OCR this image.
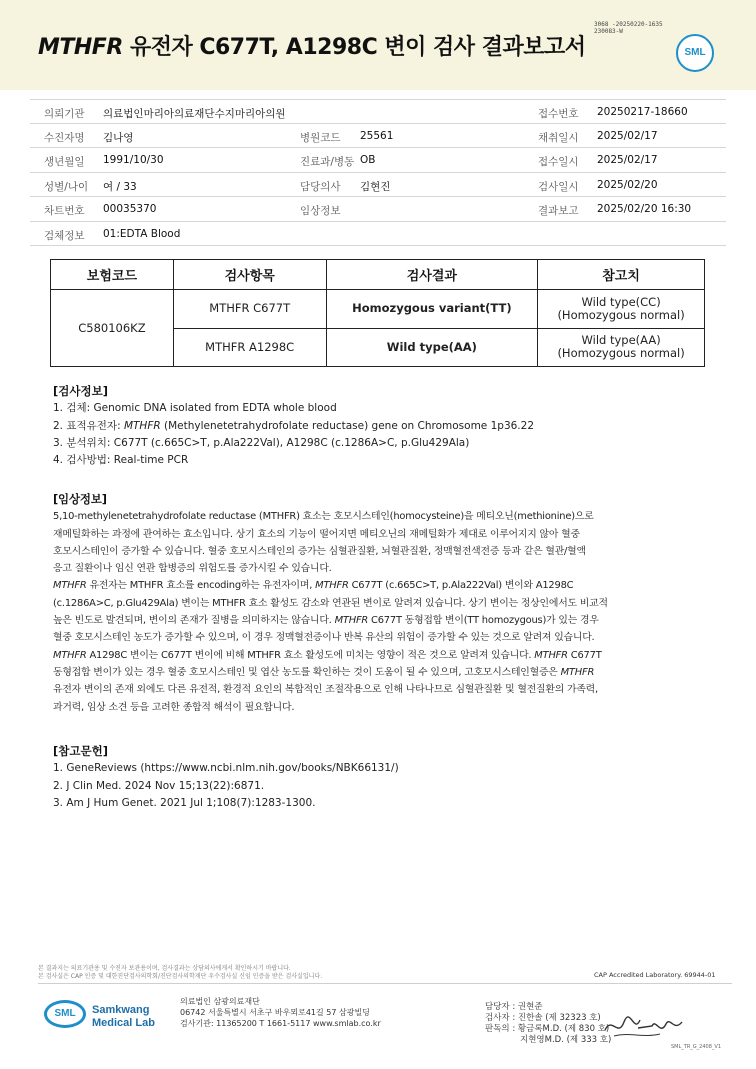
MTHFR 유전자 C677T, A1298C 변이 검사 결과보고서
3068 -20250220-1635
230083-W
SML
의뢰기관 의료법인마리아의료재단수지마리아의원	접수번호 20250217-18660
수진자명 김나영	병원코드 25561	채취일시 2025/02/17
생년월일 1991/10/30	진료과/병동 OB	접수일시 2025/02/17
성별/나이 여 / 33	담당의사 김현진	검사일시 2025/02/20
차트번호 00035370	임상정보	결과보고 2025/02/20 16:30
검체정보 01:EDTA Blood
보험코드	검사항목	검사결과	참고치
C580106KZ	MTHFR C677T	Homozygous variant(TT)	Wild type(CC)
(Homozygous normal)

	MTHFR A1298C	Wild type(AA)	Wild type(AA)
(Homozygous normal)

[검사정보]

1. 검체: Genomic DNA isolated from EDTA whole blood

2. 표적유전자: MTHFR (Methylenetetrahydrofolate reductase) gene on Chromosome 1p36.22

3. 분석위치: C677T (c.665C>T, p.Ala222Val), A1298C (c.1286A>C, p.Glu429Ala)

4. 검사방법: Real-time PCR

[임상정보]

5,10-methylenetetrahydrofolate reductase (MTHFR) 효소는 호모시스테인(homocysteine)을 메티오닌(methionine)으로

재메틸화하는 과정에 관여하는 효소입니다. 상기 효소의 기능이 떨어지면 메티오닌의 재메틸화가 제대로 이루어지지 않아 혈중

호모시스테인이 증가할 수 있습니다. 혈중 호모시스테인의 증가는 심혈관질환, 뇌혈관질환, 정맥혈전색전증 등과 같은 혈관/혈액

응고 질환이나 임신 연관 합병증의 위험도를 증가시킬 수 있습니다.

MTHFR 유전자는 MTHFR 효소를 encoding하는 유전자이며, MTHFR C677T (c.665C>T, p.Ala222Val) 변이와 A1298C

(c.1286A>C, p.Glu429Ala) 변이는 MTHFR 효소 활성도 감소와 연관된 변이로 알려져 있습니다. 상기 변이는 정상인에서도 비교적

높은 빈도로 발견되며, 변이의 존재가 질병을 의미하지는 않습니다. MTHFR C677T 동형접합 변이(TT homozygous)가 있는 경우

혈중 호모시스테인 농도가 증가할 수 있으며, 이 경우 정맥혈전증이나 반복 유산의 위험이 증가할 수 있는 것으로 알려져 있습니다.

MTHFR A1298C 변이는 C677T 변이에 비해 MTHFR 효소 활성도에 미치는 영향이 적은 것으로 알려져 있습니다. MTHFR C677T

동형접합 변이가 있는 경우 혈중 호모시스테인 및 엽산 농도를 확인하는 것이 도움이 될 수 있으며, 고호모시스테인혈증은 MTHFR

유전자 변이의 존재 외에도 다른 유전적, 환경적 요인의 복합적인 조절작용으로 인해 나타나므로 심혈관질환 및 혈전질환의 가족력,

과거력, 임상 소견 등을 고려한 종합적 해석이 필요합니다.

[참고문헌]

1. GeneReviews (https://www.ncbi.nlm.nih.gov/books/NBK66131/)

2. J Clin Med. 2024 Nov 15;13(22):6871.

3. Am J Hum Genet. 2021 Jul 1;108(7):1283-1300.

본 결과지는 의료기관용 및 수진자 보관용이며, 검사결과는 상담의사에게서 확인하시기 바랍니다.
본 검사실은 CAP 인증 및 대한진단검사의학회/진단검사의학재단 우수검사실 신임 인증을 받은 검사실입니다.	CAP Accredited Laboratory. 69944-01
SML	Samkwang
Medical Lab
의료법인 삼광의료재단
06742 서울특별시 서초구 바우뫼로41길 57 삼광빌딩
검사기관: 11365200 T 1661-5117 www.smlab.co.kr
담당자 : 권현준
검사자 : 진한솔 (제 32323 호)
판독의 : 황금록M.D. (제 830 호)
지현영M.D. (제 333 호)
SML_TR_G_2408_V1
